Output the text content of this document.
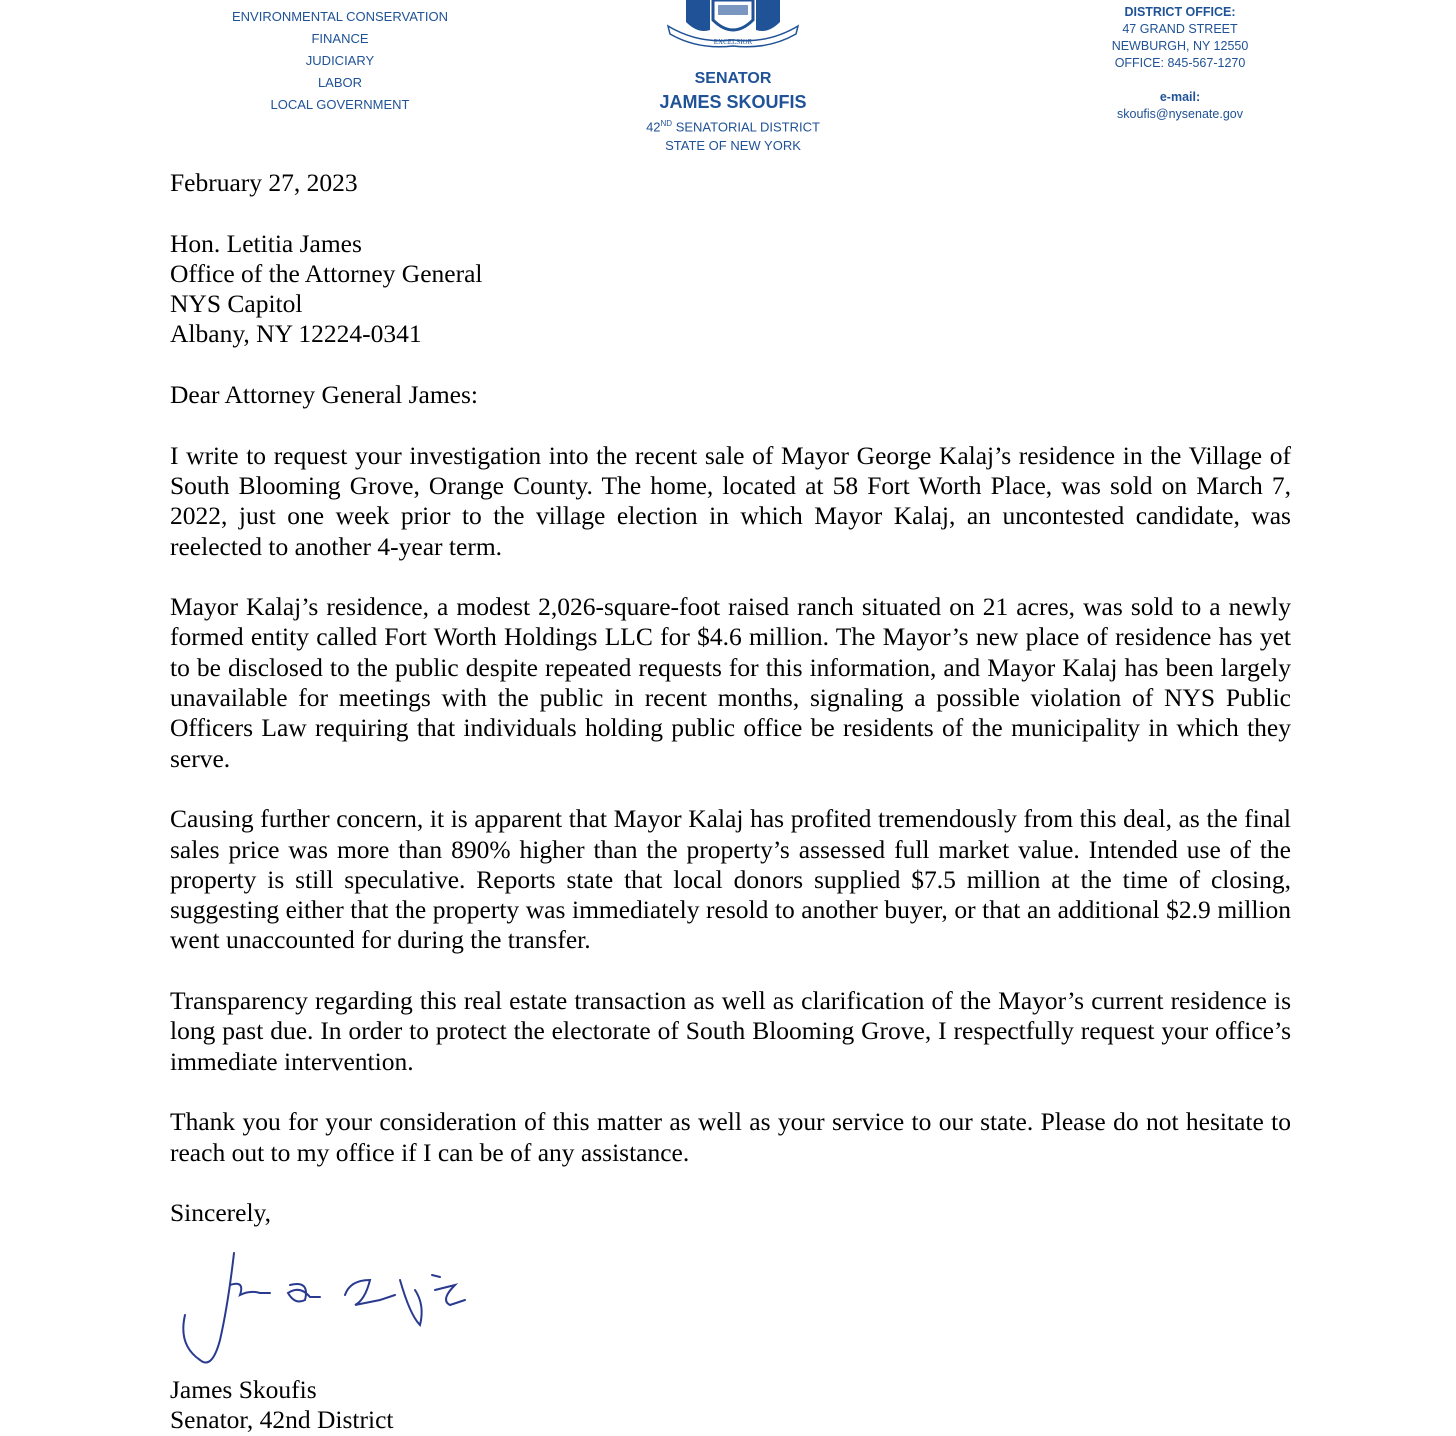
ENVIRONMENTAL CONSERVATION
FINANCE
JUDICIARY
LABOR
LOCAL GOVERNMENT
EXCELSIOR
SENATOR
JAMES SKOUFIS
42ND SENATORIAL DISTRICT
STATE OF NEW YORK
DISTRICT OFFICE:
47 GRAND STREET
NEWBURGH, NY 12550
OFFICE: 845-567-1270
e-mail:
skoufis@nysenate.gov

February 27, 2023

Hon. Letitia James
Office of the Attorney General
NYS Capitol
Albany, NY 12224-0341

Dear Attorney General James:

I write to request your investigation into the recent sale of Mayor George Kalaj’s residence in the Village of South Blooming Grove, Orange County. The home, located at 58 Fort Worth Place, was sold on March 7, 2022, just one week prior to the village election in which Mayor Kalaj, an uncontested candidate, was reelected to another 4-year term.

Mayor Kalaj’s residence, a modest 2,026-square-foot raised ranch situated on 21 acres, was sold to a newly formed entity called Fort Worth Holdings LLC for $4.6 million. The Mayor’s new place of residence has yet to be disclosed to the public despite repeated requests for this information, and Mayor Kalaj has been largely unavailable for meetings with the public in recent months, signaling a possible violation of NYS Public Officers Law requiring that individuals holding public office be residents of the municipality in which they serve.

Causing further concern, it is apparent that Mayor Kalaj has profited tremendously from this deal, as the final sales price was more than 890% higher than the property’s assessed full market value. Intended use of the property is still speculative. Reports state that local donors supplied $7.5 million at the time of closing, suggesting either that the property was immediately resold to another buyer, or that an additional $2.9 million went unaccounted for during the transfer.

Transparency regarding this real estate transaction as well as clarification of the Mayor’s current residence is long past due. In order to protect the electorate of South Blooming Grove, I respectfully request your office’s immediate intervention.

Thank you for your consideration of this matter as well as your service to our state. Please do not hesitate to reach out to my office if I can be of any assistance.

Sincerely,

James Skoufis
Senator, 42nd District
